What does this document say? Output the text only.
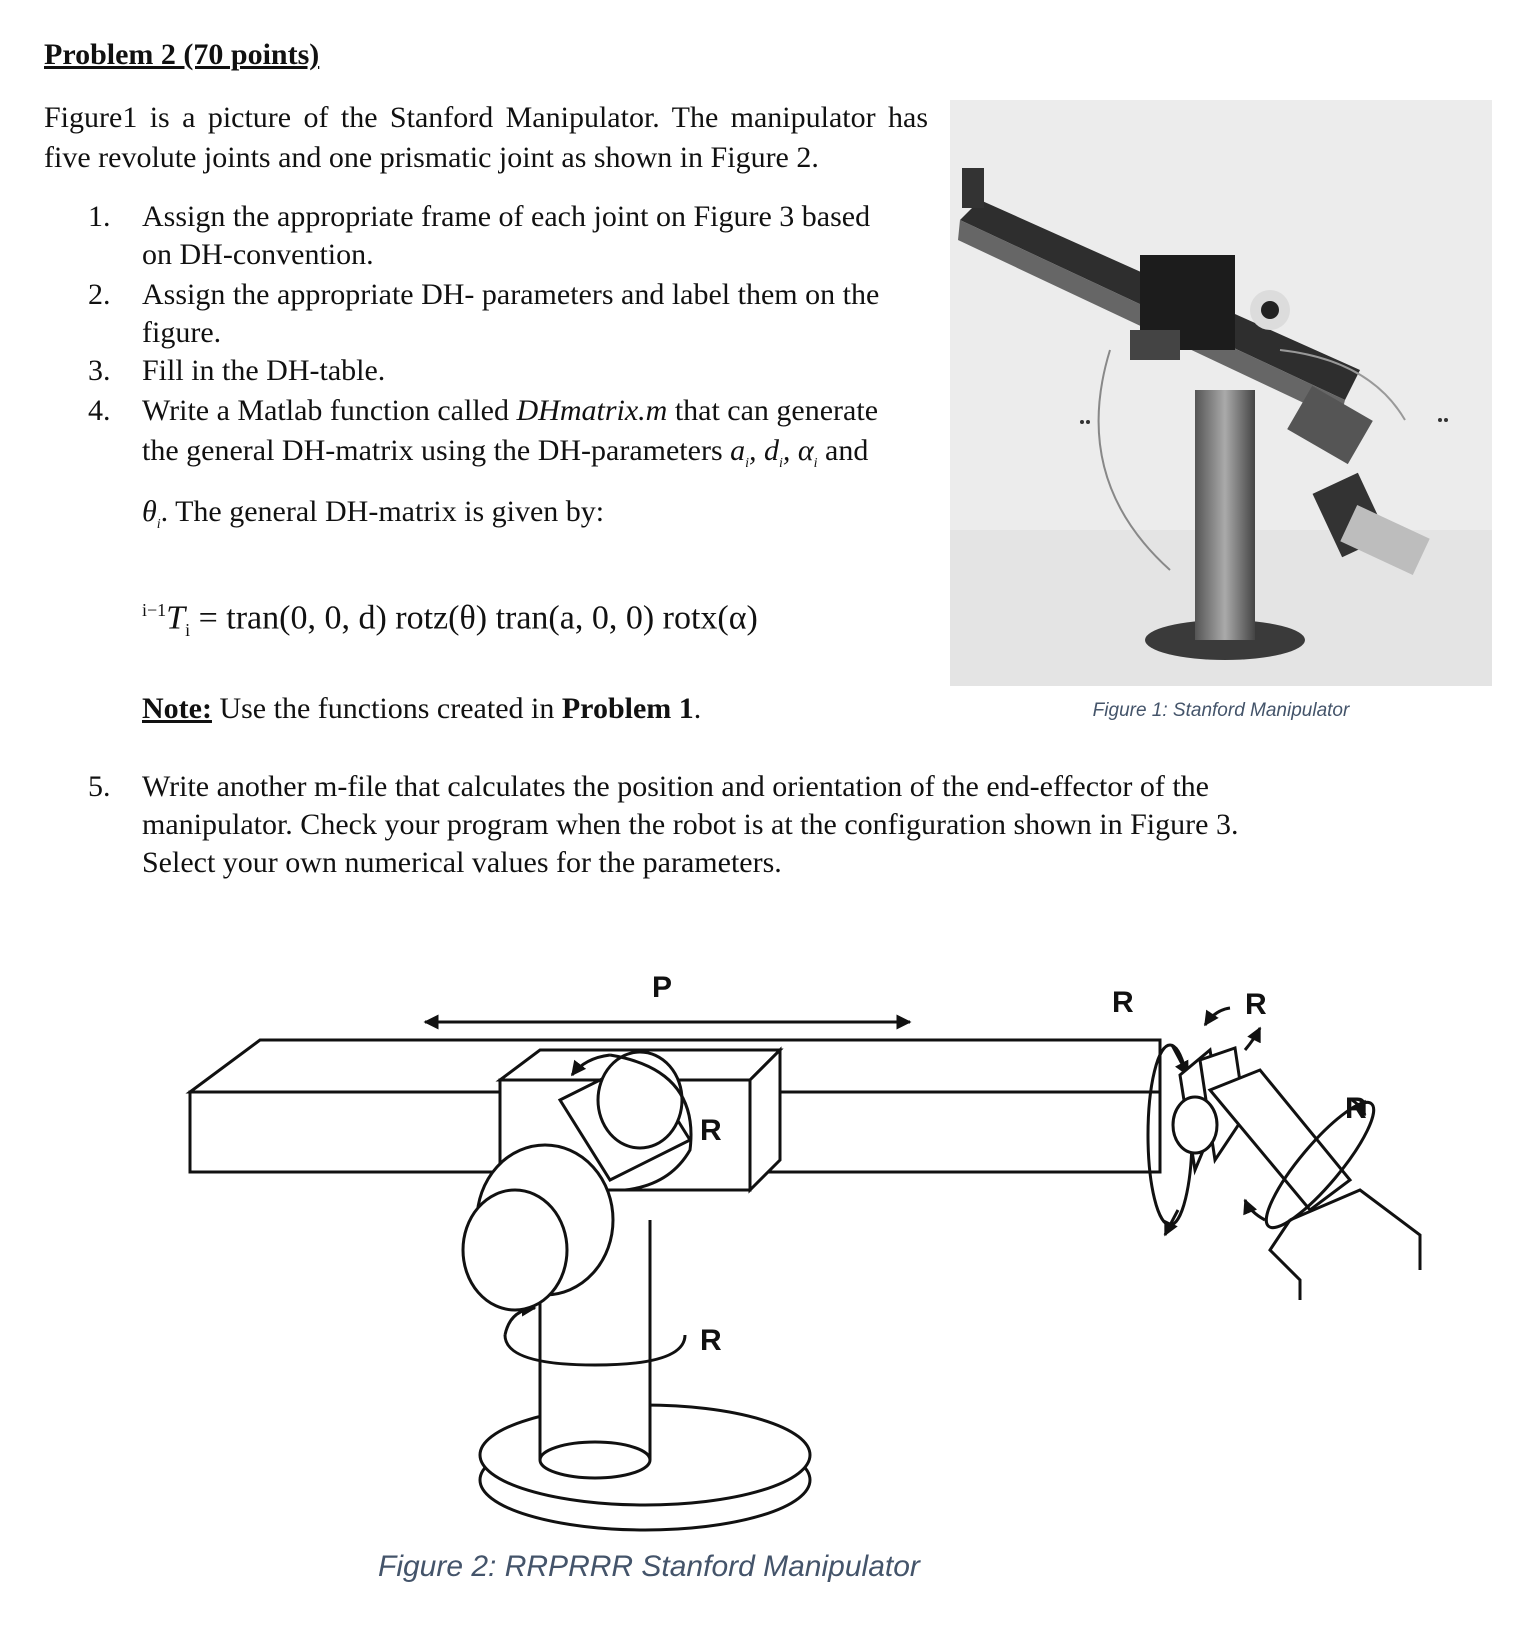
Problem 2 (70 points)

Figure1 is a picture of the Stanford Manipulator. The manipulator has five revolute joints and one prismatic joint as shown in Figure 2.

1.	Assign the appropriate frame of each joint on Figure 3 based
on DH-convention.
2.	Assign the appropriate DH- parameters and label them on the
figure.
3.	Fill in the DH-table.
4.	Write a Matlab function called DHmatrix.m that can generate
the general DH-matrix using the DH-parameters $a_i$, $d_i$, $\alpha_i$ and
$\theta_i$. The general DH-matrix is given by:
$^{i-1}T_i$ = tran(0, 0, d) rotz(θ) tran(a, 0, 0) rotx(α)
Note: Use the functions created in Problem 1.
5.	Write another m-file that calculates the position and orientation of the end-effector of the
manipulator. Check your program when the robot is at the configuration shown in Figure 3.
Select your own numerical values for the parameters.
Figure 1: Stanford Manipulator
P
R
R
R	R
R
Figure 2: RRPRRR Stanford Manipulator
